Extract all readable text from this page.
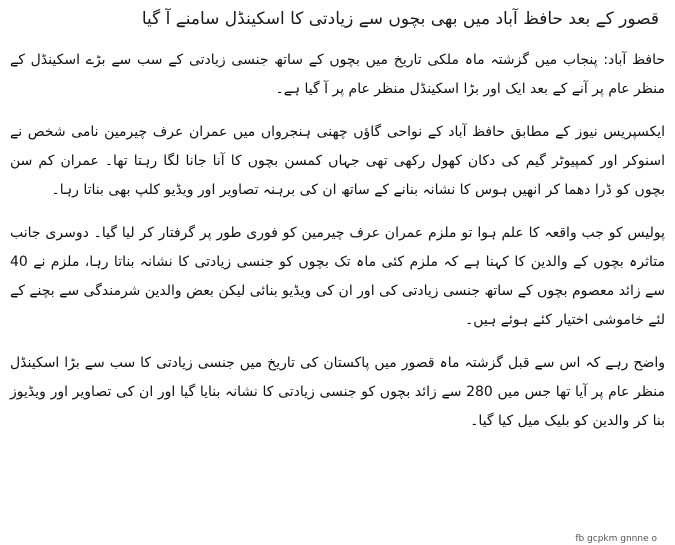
قصور کے بعد حافظ آباد میں بھی بچوں سے زیادتی کا اسکینڈل سامنے آ گیا

حافظ آباد: پنجاب میں گزشتہ ماہ ملکی تاریخ میں بچوں کے ساتھ جنسی زیادتی کے سب سے بڑے اسکینڈل کے منظر عام پر آنے کے بعد ایک اور بڑا اسکینڈل منظر عام پر آ گیا ہے۔

ایکسپریس نیوز کے مطابق حافظ آباد کے نواحی گاؤں چھنی ہنجرواں میں عمران عرف چیرمین نامی شخص نے اسنوکر اور کمپیوٹر گیم کی دکان کھول رکھی تھی جہاں کمسن بچوں کا آنا جانا لگا رہتا تھا۔ عمران کم سن بچوں کو ڈرا دھما کر انھیں ہوس کا نشانہ بنانے کے ساتھ ان کی برہنہ تصاویر اور ویڈیو کلپ بھی بناتا رہا۔

پولیس کو جب واقعہ کا علم ہوا تو ملزم عمران عرف چیرمین کو فوری طور پر گرفتار کر لیا گیا۔ دوسری جانب متاثرہ بچوں کے والدین کا کہنا ہے کہ ملزم کئی ماہ تک بچوں کو جنسی زیادتی کا نشانہ بناتا رہا، ملزم نے 40 سے زائد معصوم بچوں کے ساتھ جنسی زیادتی کی اور ان کی ویڈیو بنائی لیکن بعض والدین شرمندگی سے بچنے کے لئے خاموشی اختیار کئے ہوئے ہیں۔

واضح رہے کہ اس سے قبل گزشتہ ماہ قصور میں پاکستان کی تاریخ میں جنسی زیادتی کا سب سے بڑا اسکینڈل منظر عام پر آیا تھا جس میں 280 سے زائد بچوں کو جنسی زیادتی کا نشانہ بنایا گیا اور ان کی تصاویر اور ویڈیوز بنا کر والدین کو بلیک میل کیا گیا۔

fb gcpkm gnnne o
